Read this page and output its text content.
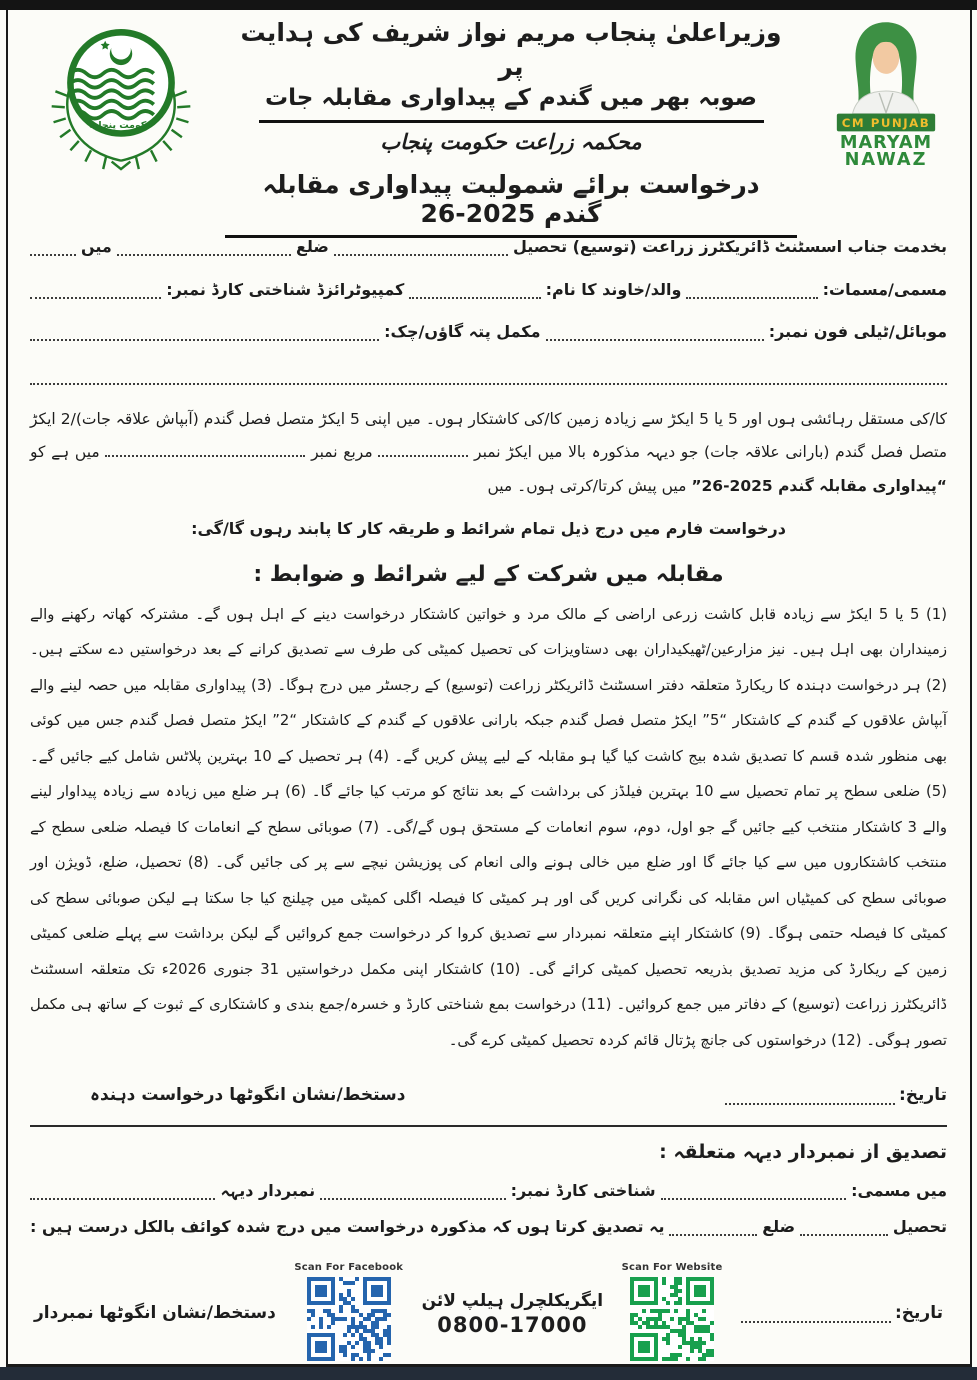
حکومت پنجاب	CM PUNJAB
MARYAM
NAWAZ
وزیراعلیٰ پنجاب مریم نواز شریف کی ہدایت پر
صوبہ بھر میں گندم کے پیداواری مقابلہ جات
محکمہ زراعت حکومت پنجاب
درخواست برائے شمولیت پیداواری مقابلہ گندم 2025-26
بخدمت جناب اسسٹنٹ ڈائریکٹرز زراعت (توسیع) تحصیل
ضلع
میں
مسمی/مسمات:
والد/خاوند کا نام:
کمپیوٹرائزڈ شناختی کارڈ نمبر:
موبائل/ٹیلی فون نمبر:
مکمل پتہ گاؤں/چک:

کا/کی مستقل رہائشی ہوں اور 5 یا 5 ایکڑ سے زیادہ زمین کا/کی کاشتکار ہوں۔ میں اپنی 5 ایکڑ متصل فصل گندم (آبپاش علاقہ جات)/2 ایکڑ متصل فصل گندم (بارانی علاقہ جات) جو دیہہ مذکورہ بالا میں ایکڑ نمبر  مربع نمبر  میں ہے کو “پیداواری مقابلہ گندم 2025-26” میں پیش کرتا/کرتی ہوں۔ میں

درخواست فارم میں درج ذیل تمام شرائط و طریقہ کار کا پابند رہوں گا/گی:
مقابلہ میں شرکت کے لیے شرائط و ضوابط :
(1) 5 یا 5 ایکڑ سے زیادہ قابل کاشت زرعی اراضی کے مالک مرد و خواتین کاشتکار درخواست دینے کے اہل ہوں گے۔ مشترکہ کھاتہ رکھنے والے زمینداران بھی اہل ہیں۔ نیز مزارعین/ٹھیکیداران بھی دستاویزات کی تحصیل کمیٹی کی طرف سے تصدیق کرانے کے بعد درخواستیں دے سکتے ہیں۔ (2) ہر درخواست دہندہ کا ریکارڈ متعلقہ دفتر اسسٹنٹ ڈائریکٹر زراعت (توسیع) کے رجسٹر میں درج ہوگا۔ (3) پیداواری مقابلہ میں حصہ لینے والے آبپاش علاقوں کے گندم کے کاشتکار “5” ایکڑ متصل فصل گندم جبکہ بارانی علاقوں کے گندم کے کاشتکار “2” ایکڑ متصل فصل گندم جس میں کوئی بھی منظور شدہ قسم کا تصدیق شدہ بیج کاشت کیا گیا ہو مقابلہ کے لیے پیش کریں گے۔ (4) ہر تحصیل کے 10 بہترین پلاٹس شامل کیے جائیں گے۔ (5) ضلعی سطح پر تمام تحصیل سے 10 بہترین فیلڈز کی برداشت کے بعد نتائج کو مرتب کیا جائے گا۔ (6) ہر ضلع میں زیادہ سے زیادہ پیداوار لینے والے 3 کاشتکار منتخب کیے جائیں گے جو اول، دوم، سوم انعامات کے مستحق ہوں گے/گی۔ (7) صوبائی سطح کے انعامات کا فیصلہ ضلعی سطح کے منتخب کاشتکاروں میں سے کیا جائے گا اور ضلع میں خالی ہونے والی انعام کی پوزیشن نیچے سے پر کی جائیں گی۔ (8) تحصیل، ضلع، ڈویژن اور صوبائی سطح کی کمیٹیاں اس مقابلہ کی نگرانی کریں گی اور ہر کمیٹی کا فیصلہ اگلی کمیٹی میں چیلنج کیا جا سکتا ہے لیکن صوبائی سطح کی کمیٹی کا فیصلہ حتمی ہوگا۔ (9) کاشتکار اپنے متعلقہ نمبردار سے تصدیق کروا کر درخواست جمع کروائیں گے لیکن برداشت سے پہلے ضلعی کمیٹی زمین کے ریکارڈ کی مزید تصدیق بذریعہ تحصیل کمیٹی کرائے گی۔ (10) کاشتکار اپنی مکمل درخواستیں 31 جنوری 2026ء تک متعلقہ اسسٹنٹ ڈائریکٹرز زراعت (توسیع) کے دفاتر میں جمع کروائیں۔ (11) درخواست بمع شناختی کارڈ و خسرہ/جمع بندی و کاشتکاری کے ثبوت کے ساتھ ہی مکمل تصور ہوگی۔ (12) درخواستوں کی جانچ پڑتال قائم کردہ تحصیل کمیٹی کرے گی۔
تاریخ:
دستخط/نشان انگوٹھا درخواست دہندہ
تصدیق از نمبردار دیہہ متعلقہ :
میں مسمی:
شناختی کارڈ نمبر:
نمبردار دیہہ
تحصیل
ضلع
یہ تصدیق کرتا ہوں کہ مذکورہ درخواست میں درج شدہ کوائف بالکل درست ہیں :
تاریخ:
Scan For Website
ایگریکلچرل ہیلپ لائن
0800-17000
Scan For Facebook
دستخط/نشان انگوٹھا نمبردار
